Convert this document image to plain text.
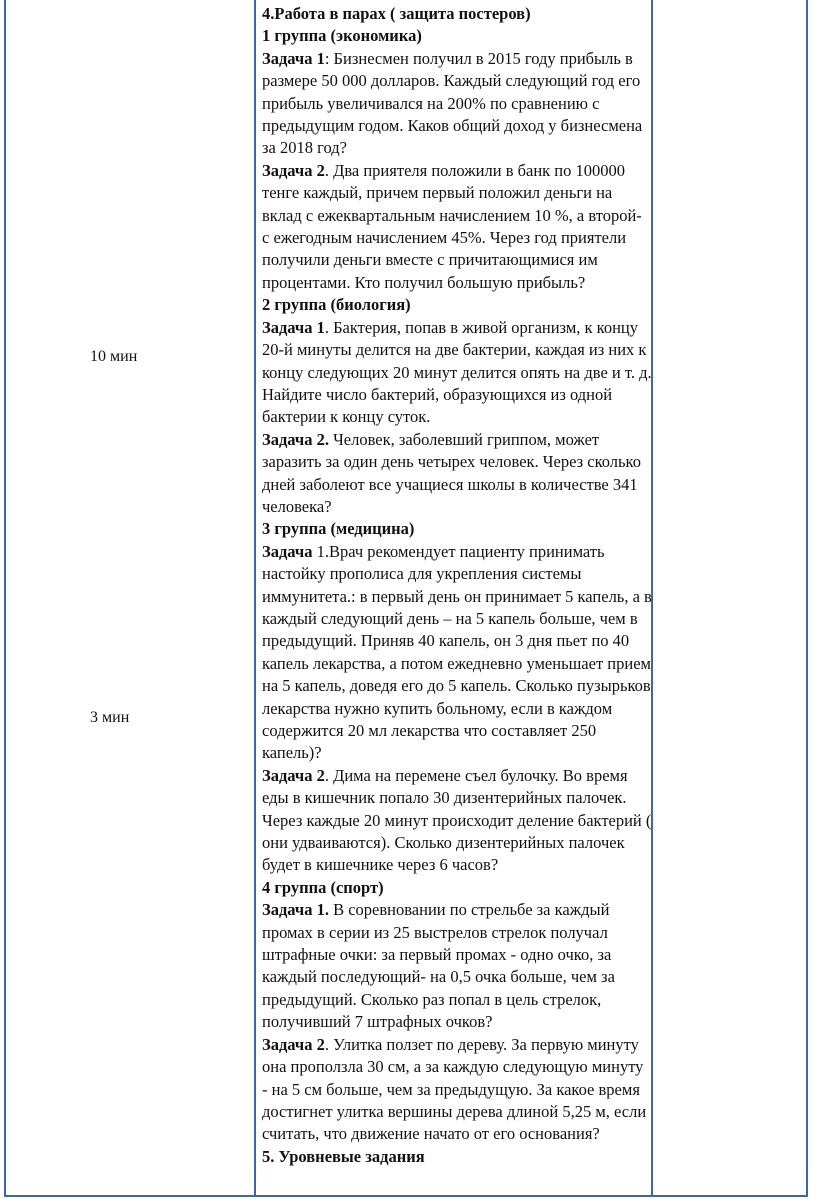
10 мин
3 мин

4.Работа в парах ( защита постеров)

1 группа (экономика)

Задача 1: Бизнесмен получил в 2015 году прибыль в размере 50 000 долларов. Каждый следующий год его прибыль увеличивался на 200% по сравнению с предыдущим годом. Каков общий доход у бизнесмена за 2018 год?

Задача 2. Два приятеля положили в банк по 100000 тенге каждый, причем первый положил деньги на вклад с ежеквартальным начислением 10 %, а второй- с ежегодным начислением 45%. Через год приятели получили деньги вместе с причитающимися им процентами. Кто получил большую прибыль?

2 группа (биология)

Задача 1. Бактерия, попав в живой организм, к концу 20-й минуты делится на две бактерии, каждая из них к концу следующих 20 минут делится опять на две и т. д. Найдите число бактерий, образующихся из одной бактерии к концу суток.

Задача 2. Человек, заболевший гриппом, может заразить за один день четырех человек. Через сколько дней заболеют все учащиеся школы в количестве 341 человека?

3 группа (медицина)

Задача 1.Врач рекомендует пациенту принимать настойку прополиса для укрепления системы иммунитета.: в первый день он принимает 5 капель, а в каждый следующий день – на 5 капель больше, чем в предыдущий. Приняв 40 капель, он 3 дня пьет по 40 капель лекарства, а потом ежедневно уменьшает прием на 5 капель, доведя его до 5 капель. Сколько пузырьков лекарства нужно купить больному, если в каждом содержится 20 мл лекарства что составляет 250 капель)?

Задача 2. Дима на перемене съел булочку. Во время еды в кишечник попало 30 дизентерийных палочек. Через каждые 20 минут происходит деление бактерий ( они удваиваются). Сколько дизентерийных палочек будет в кишечнике через 6 часов?

4 группа (спорт)

Задача 1. В соревновании по стрельбе за каждый промах в серии из 25 выстрелов стрелок получал штрафные очки: за первый промах - одно очко, за каждый последующий- на 0,5 очка больше, чем за предыдущий. Сколько раз попал в цель стрелок, получивший 7 штрафных очков?

Задача 2. Улитка ползет по дереву. За первую минуту она проползла 30 см, а за каждую следующую минуту - на 5 см больше, чем за предыдущую. За какое время достигнет улитка вершины дерева длиной 5,25 м, если считать, что движение начато от его основания?

5. Уровневые задания
